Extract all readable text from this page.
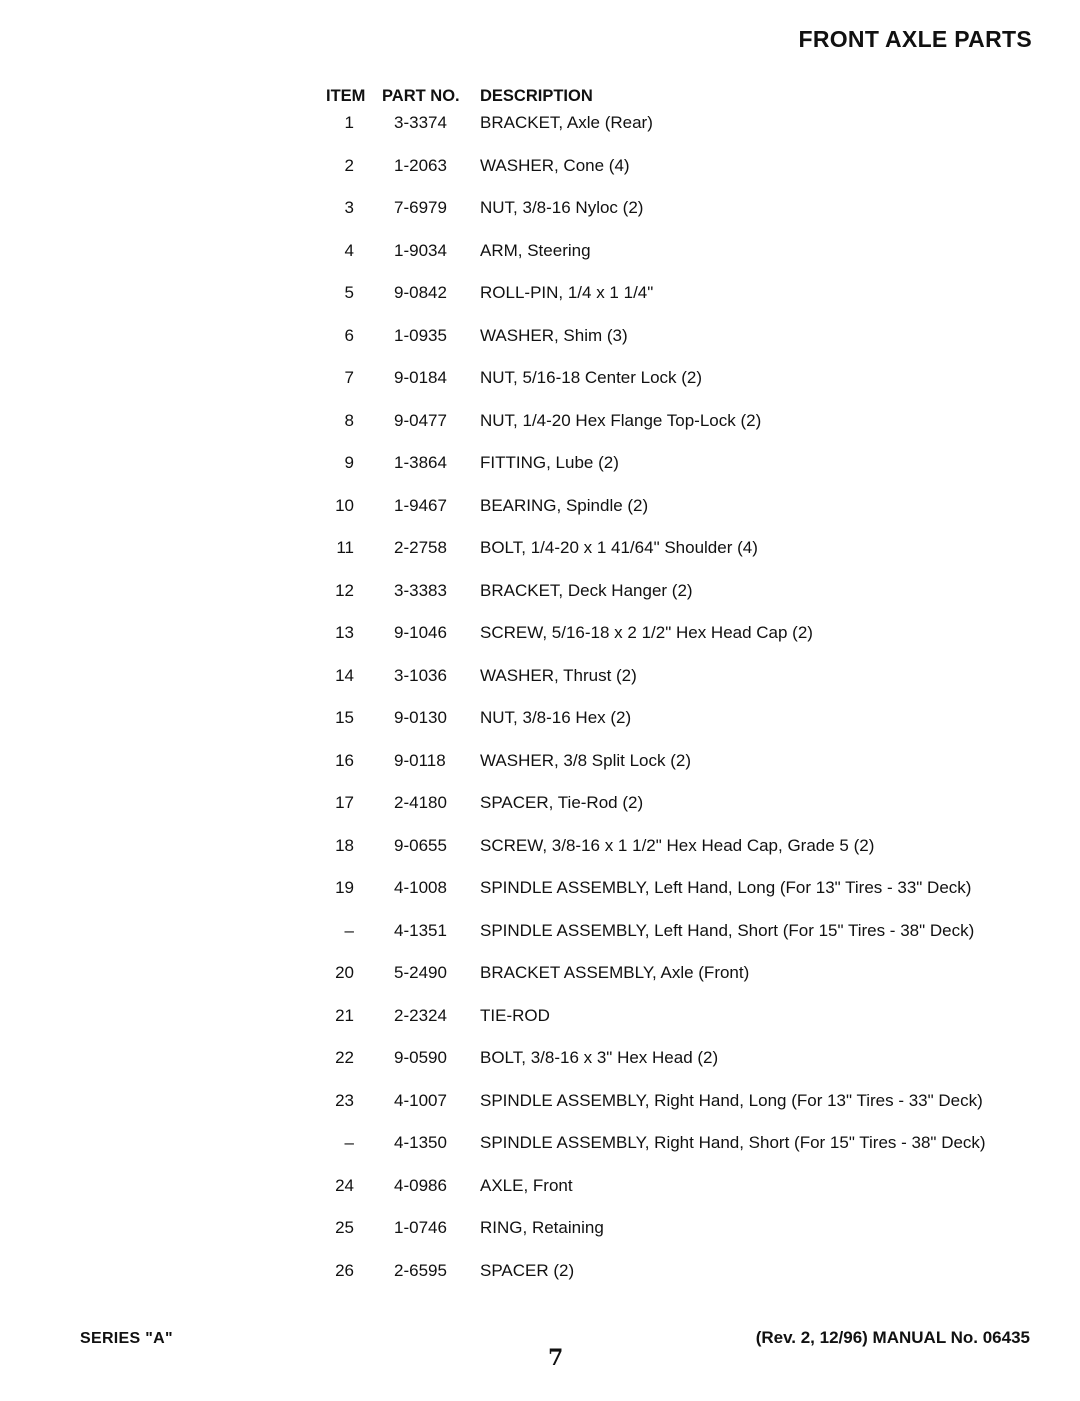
FRONT AXLE PARTS
ITEM PART NO. DESCRIPTION
1 3-3374 BRACKET, Axle (Rear)
2 1-2063 WASHER, Cone (4)
3 7-6979 NUT, 3/8-16 Nyloc (2)
4 1-9034 ARM, Steering
5 9-0842 ROLL-PIN, 1/4 x 1 1/4"
6 1-0935 WASHER, Shim (3)
7 9-0184 NUT, 5/16-18 Center Lock (2)
8 9-0477 NUT, 1/4-20 Hex Flange Top-Lock (2)
9 1-3864 FITTING, Lube (2)
10 1-9467 BEARING, Spindle (2)
11 2-2758 BOLT, 1/4-20 x 1 41/64" Shoulder (4)
12 3-3383 BRACKET, Deck Hanger (2)
13 9-1046 SCREW, 5/16-18 x 2 1/2" Hex Head Cap (2)
14 3-1036 WASHER, Thrust (2)
15 9-0130 NUT, 3/8-16 Hex (2)
16 9-0118 WASHER, 3/8 Split Lock (2)
17 2-4180 SPACER, Tie-Rod (2)
18 9-0655 SCREW, 3/8-16 x 1 1/2" Hex Head Cap, Grade 5 (2)
19 4-1008 SPINDLE ASSEMBLY, Left Hand, Long (For 13" Tires - 33" Deck)
– 4-1351 SPINDLE ASSEMBLY, Left Hand, Short (For 15" Tires - 38" Deck)
20 5-2490 BRACKET ASSEMBLY, Axle (Front)
21 2-2324 TIE-ROD
22 9-0590 BOLT, 3/8-16 x 3" Hex Head (2)
23 4-1007 SPINDLE ASSEMBLY, Right Hand, Long (For 13" Tires - 33" Deck)
– 4-1350 SPINDLE ASSEMBLY, Right Hand, Short (For 15" Tires - 38" Deck)
24 4-0986 AXLE, Front
25 1-0746 RING, Retaining
26 2-6595 SPACER (2)
SERIES "A"
7
(Rev. 2, 12/96) MANUAL No. 06435
